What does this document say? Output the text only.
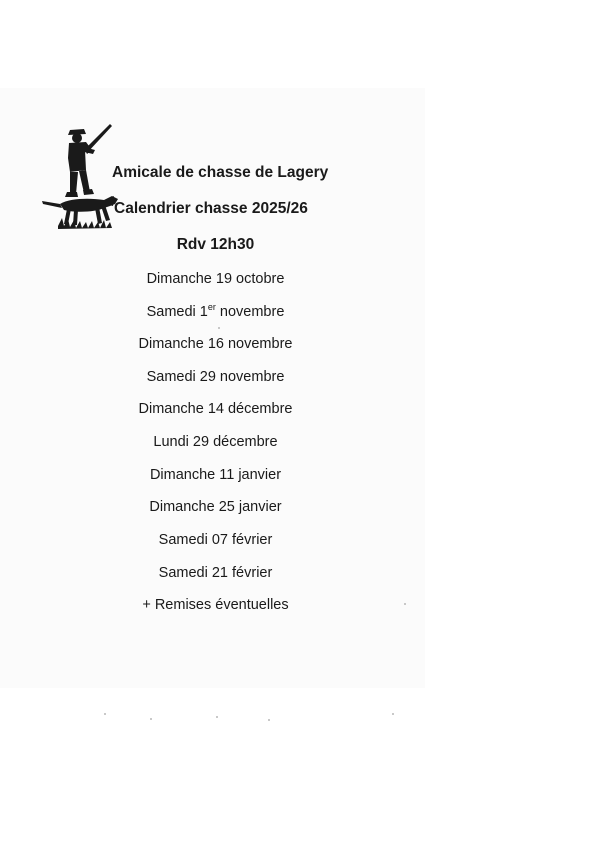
Amicale de chasse de Lagery
Calendrier chasse 2025/26
Rdv 12h30
Dimanche 19 octobre
Samedi 1er novembre
Dimanche 16 novembre
Samedi 29 novembre
Dimanche 14 décembre
Lundi 29 décembre
Dimanche 11 janvier
Dimanche 25 janvier
Samedi 07 février
Samedi 21 février
+ Remises éventuelles
